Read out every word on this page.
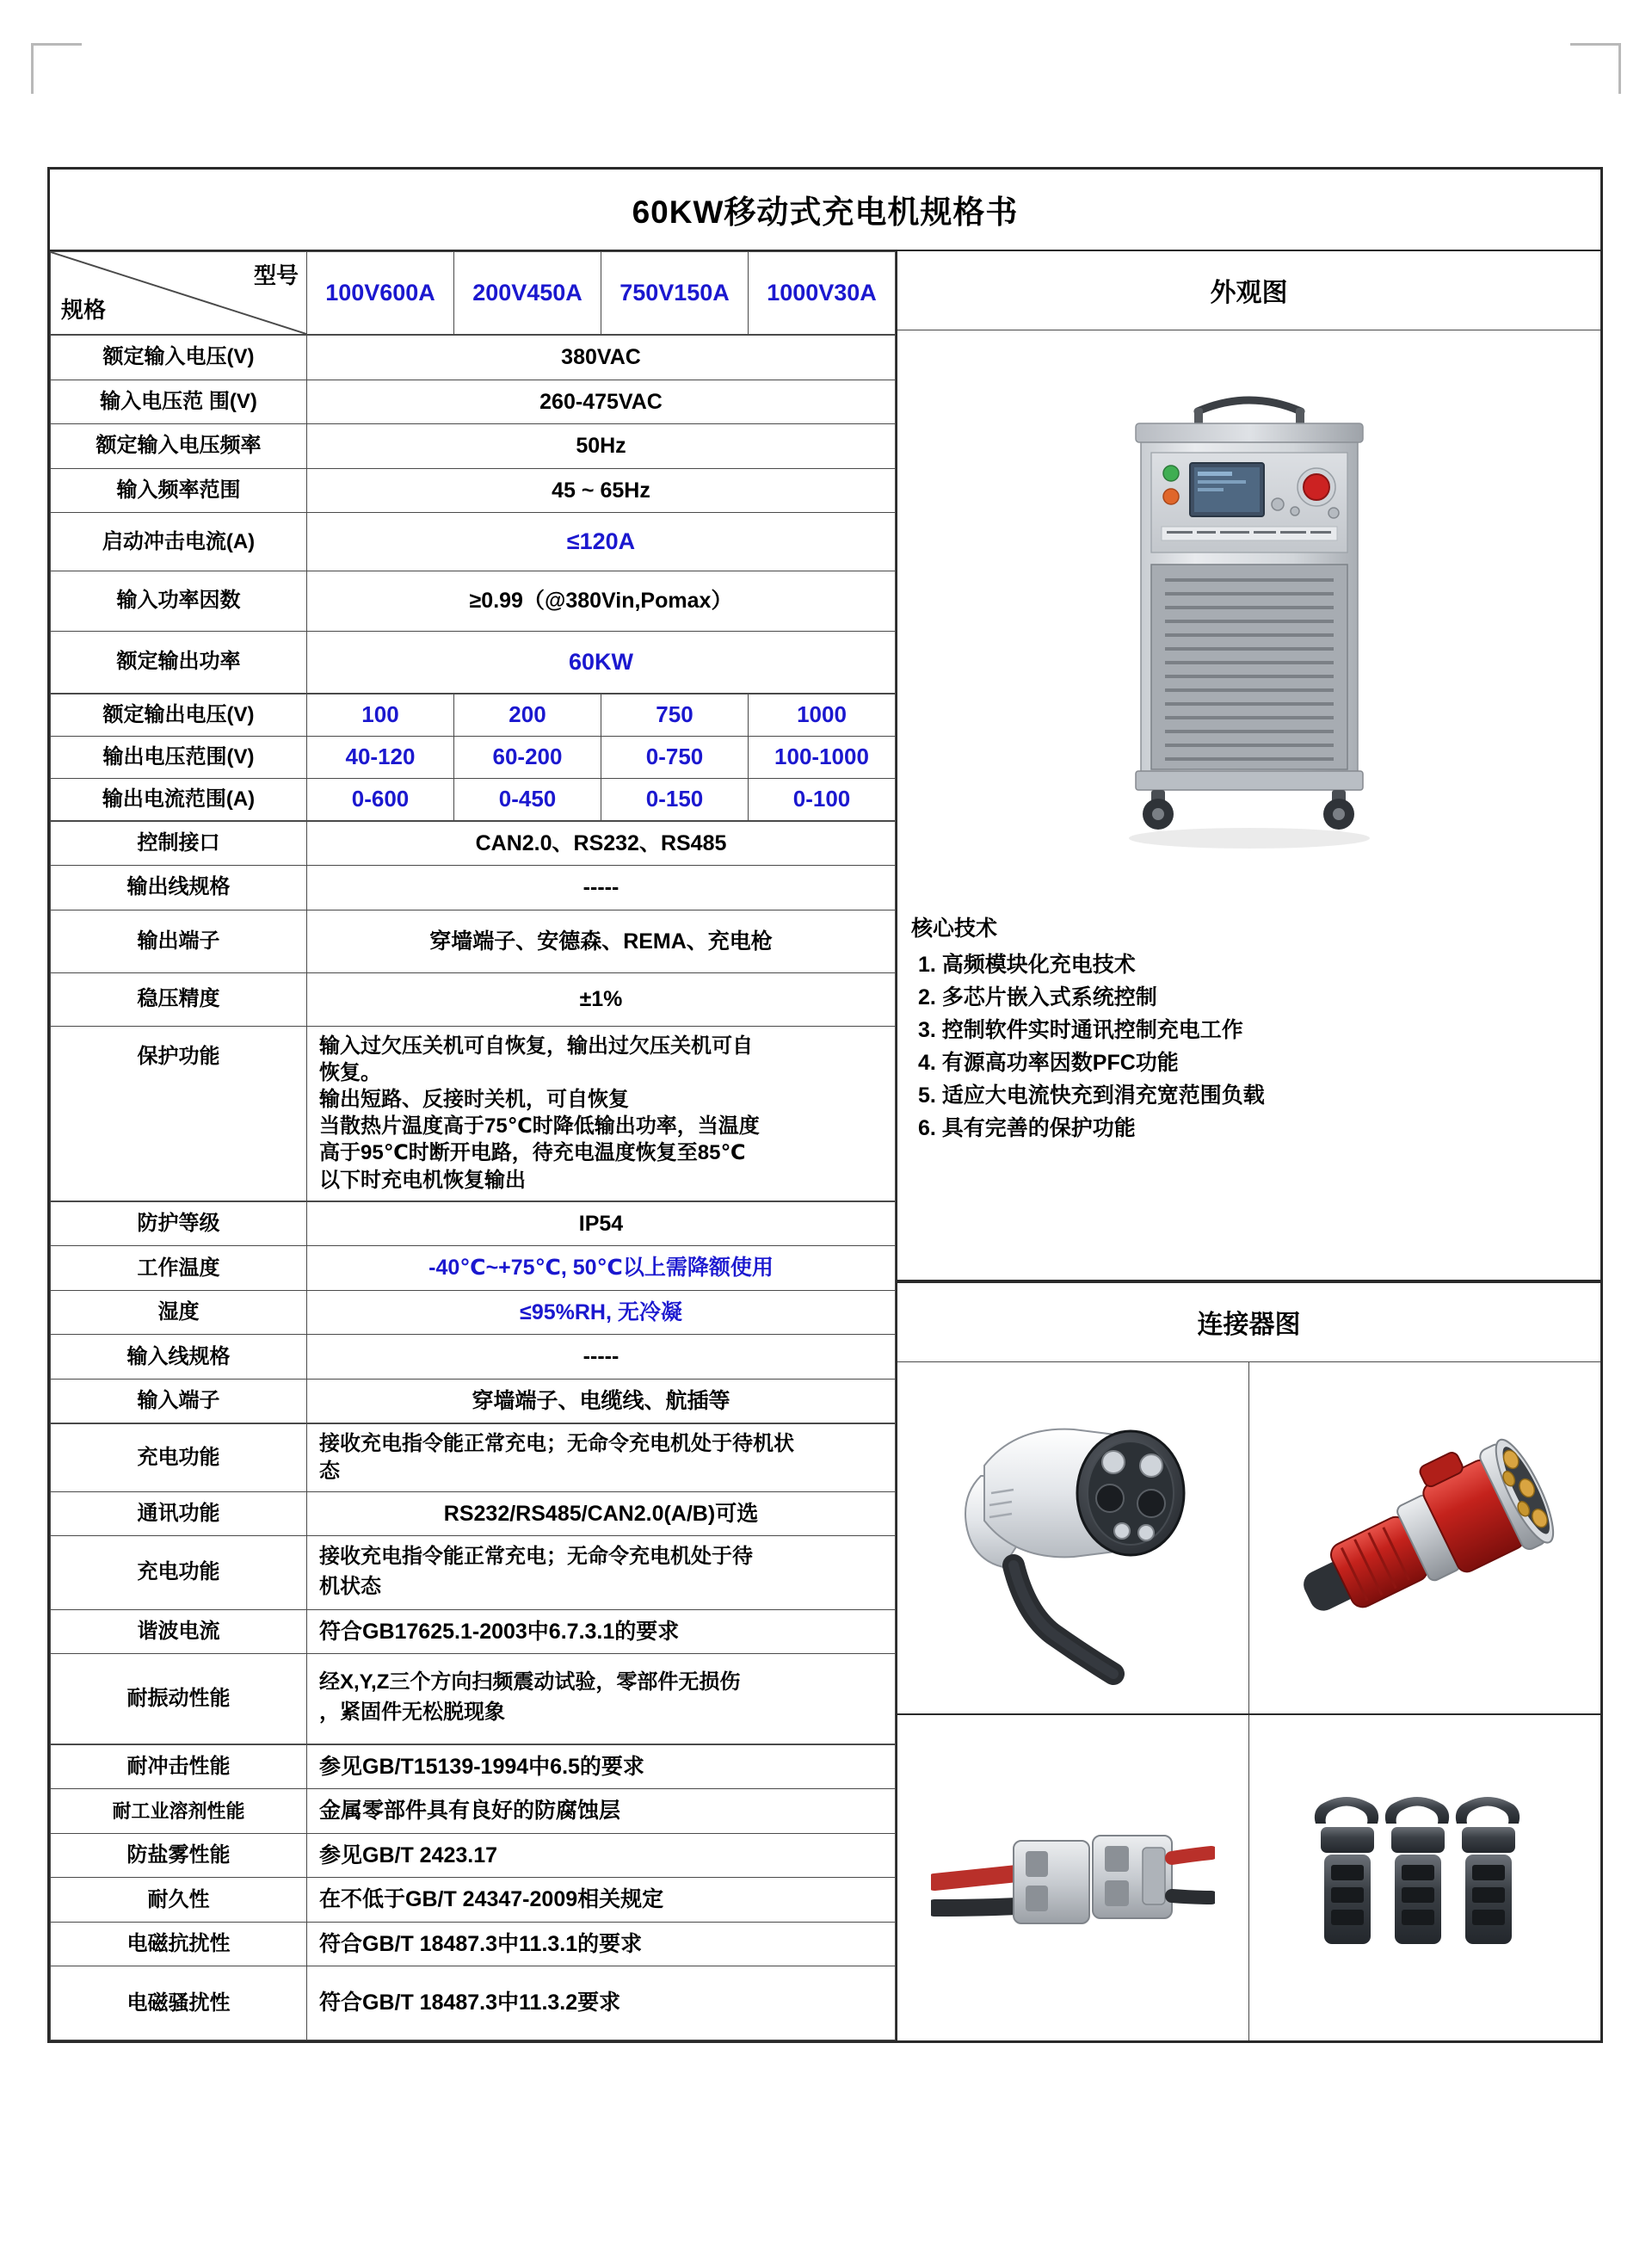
60KW移动式充电机规格书
型号
规格
	100V600A	200V450A	750V150A	1000V30A
额定输入电压(V)	380VAC
输入电压范 围(V)	260-475VAC
额定输入电压频率	50Hz
输入频率范围	45 ~ 65Hz
启动冲击电流(A)	≤120A
输入功率因数	≥0.99（@380Vin,Pomax）
额定输出功率	60KW
额定输出电压(V)	100	200	750	1000
输出电压范围(V)	40-120	60-200	0-750	100-1000
输出电流范围(A)	0-600	0-450	0-150	0-100
控制接口	CAN2.0、RS232、RS485
输出线规格	-----
输出端子	穿墙端子、安德森、REMA、充电枪
稳压精度	±1%
保护功能	输入过欠压关机可自恢复，输出过欠压关机可自
恢复。
输出短路、反接时关机，可自恢复
当散热片温度高于75℃时降低输出功率，当温度
高于95℃时断开电路，待充电温度恢复至85℃
以下时充电机恢复输出
防护等级	IP54
工作温度	-40℃~+75℃, 50℃以上需降额使用
湿度	≤95%RH, 无冷凝
输入线规格	-----
输入端子	穿墙端子、电缆线、航插等
充电功能	接收充电指令能正常充电；无命令充电机处于待机状
态

通讯功能	RS232/RS485/CAN2.0(A/B)可选
充电功能	接收充电指令能正常充电；无命令充电机处于待
机状态

谐波电流	符合GB17625.1-2003中6.7.3.1的要求
耐振动性能	经X,Y,Z三个方向扫频震动试验，零部件无损伤
，紧固件无松脱现象
耐冲击性能	参见GB/T15139-1994中6.5的要求
耐工业溶剂性能	金属零部件具有良好的防腐蚀层
防盐雾性能	参见GB/T 2423.17
耐久性	在不低于GB/T 24347-2009相关规定
电磁抗扰性	符合GB/T 18487.3中11.3.1的要求
电磁骚扰性	符合GB/T 18487.3中11.3.2要求
外观图
核心技术
1. 高频模块化充电技术
2. 多芯片嵌入式系统控制
3. 控制软件实时通讯控制充电工作
4. 有源高功率因数PFC功能
5. 适应大电流快充到涓充宽范围负载
6. 具有完善的保护功能
连接器图
